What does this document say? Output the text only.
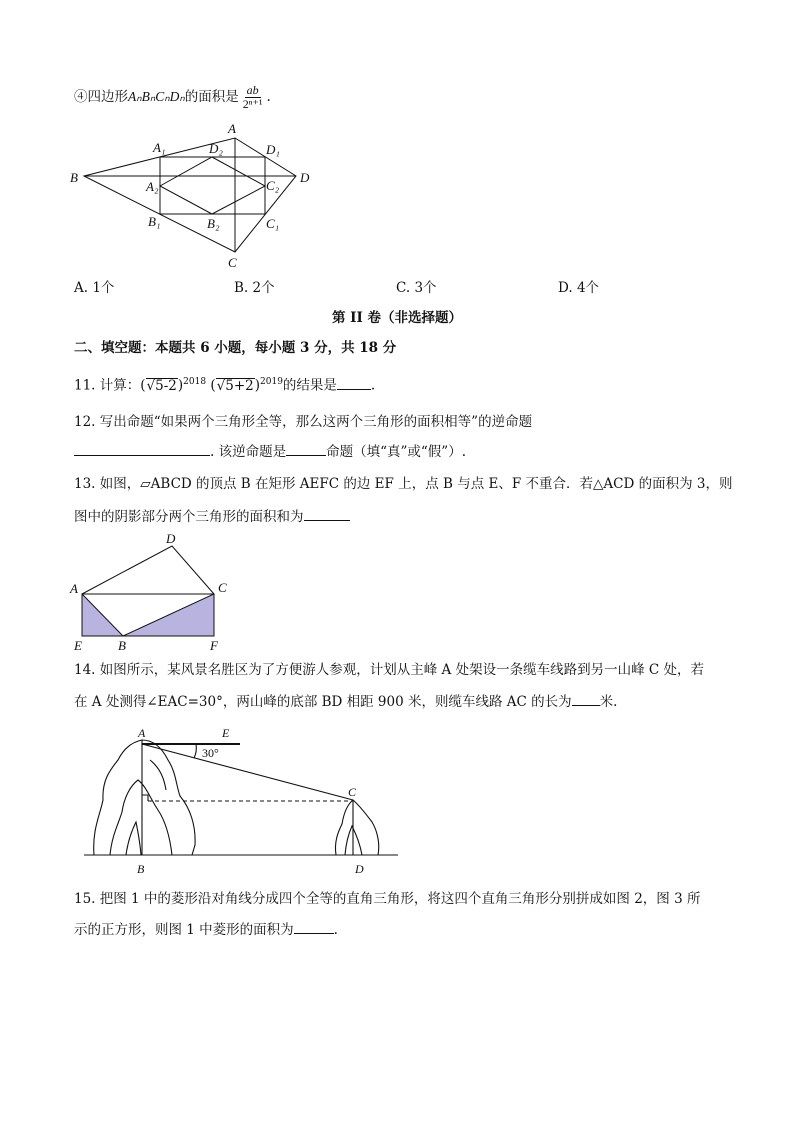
④四边形AₙBₙCₙDₙ的面积是 $\frac{ab}{\text{2ⁿ⁺¹}}$ .
A
B
C
D
A₁	D₁
D₂
A₂	C₂
B₁	B₂	C₁
A. 1个	B. 2个	C. 3个	D. 4个
第 II 卷（非选择题）
二、填空题：本题共 6 小题，每小题 3 分，共 18 分
11. 计算：$(√5-2)^{2018}$ $(√5+2)^{2019}$的结果是	.
12. 写出命题“如果两个三角形全等，那么这两个三角形的面积相等”的逆命题
. 该逆命题是	命题（填“真”或“假”）.
13. 如图，▱ABCD 的顶点 B 在矩形 AEFC 的边 EF 上，点 B 与点 E、F 不重合．若△ACD 的面积为 3，则
图中的阴影部分两个三角形的面积和为
D
A	C
E	B	F
14. 如图所示，某风景名胜区为了方便游人参观，计划从主峰 A 处架设一条缆车线路到另一山峰 C 处，若
在 A 处测得∠EAC=30°，两山峰的底部 BD 相距 900 米，则缆车线路 AC 的长为 米.
A	E
30°
C
B	D
15. 把图 1 中的菱形沿对角线分成四个全等的直角三角形，将这四个直角三角形分别拼成如图 2，图 3 所
示的正方形，则图 1 中菱形的面积为	.
